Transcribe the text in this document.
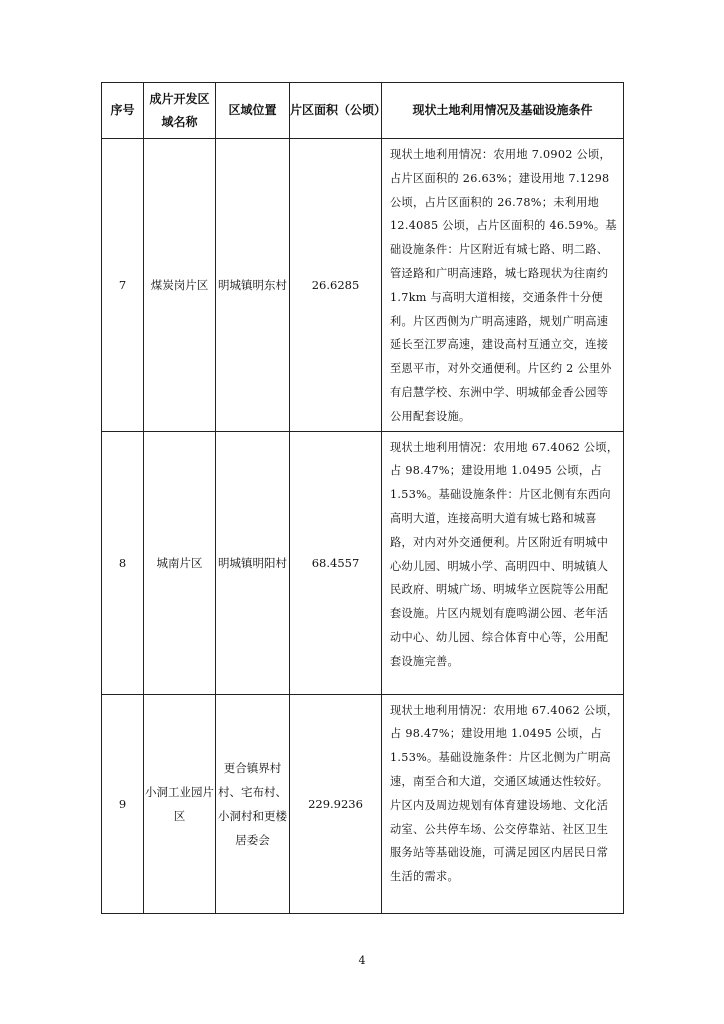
序号	成片开发区域名称	区域位置	片区面积（公顷）	现状土地利用情况及基础设施条件
7	煤炭岗片区	明城镇明东村	26.6285	现状土地利用情况：农用地 7.0902 公顷，占片区面积的 26.63%；建设用地 7.1298 公顷，占片区面积的 26.78%；未利用地 12.4085 公顷，占片区面积的 46.59%。基础设施条件：片区附近有城七路、明二路、管迳路和广明高速路，城七路现状为往南约 1.7km 与高明大道相接，交通条件十分便利。片区西侧为广明高速路，规划广明高速延长至江罗高速，建设高村互通立交，连接至恩平市，对外交通便利。片区约 2 公里外有启慧学校、东洲中学、明城郁金香公园等公用配套设施。
8	城南片区	明城镇明阳村	68.4557	现状土地利用情况：农用地 67.4062 公顷，占 98.47%；建设用地 1.0495 公顷，占 1.53%。基础设施条件：片区北侧有东西向高明大道，连接高明大道有城七路和城喜路，对内对外交通便利。片区附近有明城中心幼儿园、明城小学、高明四中、明城镇人民政府、明城广场、明城华立医院等公用配套设施。片区内规划有鹿鸣湖公园、老年活动中心、幼儿园、综合体育中心等，公用配套设施完善。
9	小洞工业园片区	更合镇界村村、宅布村、小洞村和更楼居委会	229.9236	现状土地利用情况：农用地 67.4062 公顷，占 98.47%；建设用地 1.0495 公顷，占 1.53%。基础设施条件：片区北侧为广明高速，南至合和大道，交通区域通达性较好。片区内及周边规划有体育建设场地、文化活动室、公共停车场、公交停靠站、社区卫生服务站等基础设施，可满足园区内居民日常生活的需求。
4
